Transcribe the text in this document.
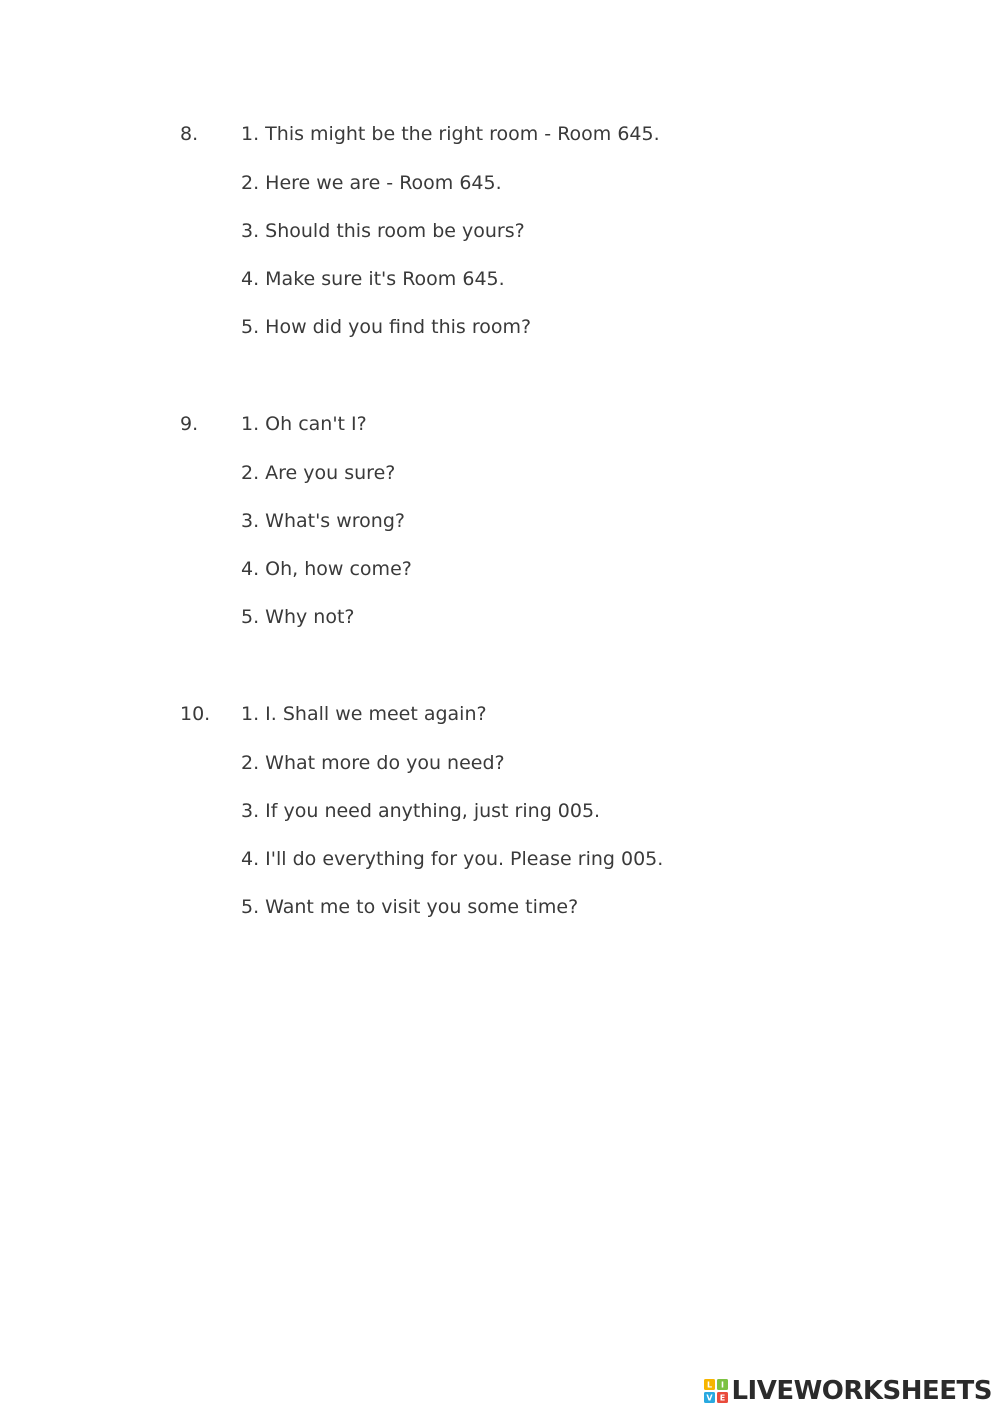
8. 1. This might be the right room - Room 645.
2. Here we are - Room 645.
3. Should this room be yours?
4. Make sure it's Room 645.
5. How did you find this room?
9. 1. Oh can't I?
2. Are you sure?
3. What's wrong?
4. Oh, how come?
5. Why not?
10. 1. I. Shall we meet again?
2. What more do you need?
3. If you need anything, just ring 005.
4. I'll do everything for you. Please ring 005.
5. Want me to visit you some time?
L I
V E LIVEWORKSHEETS
